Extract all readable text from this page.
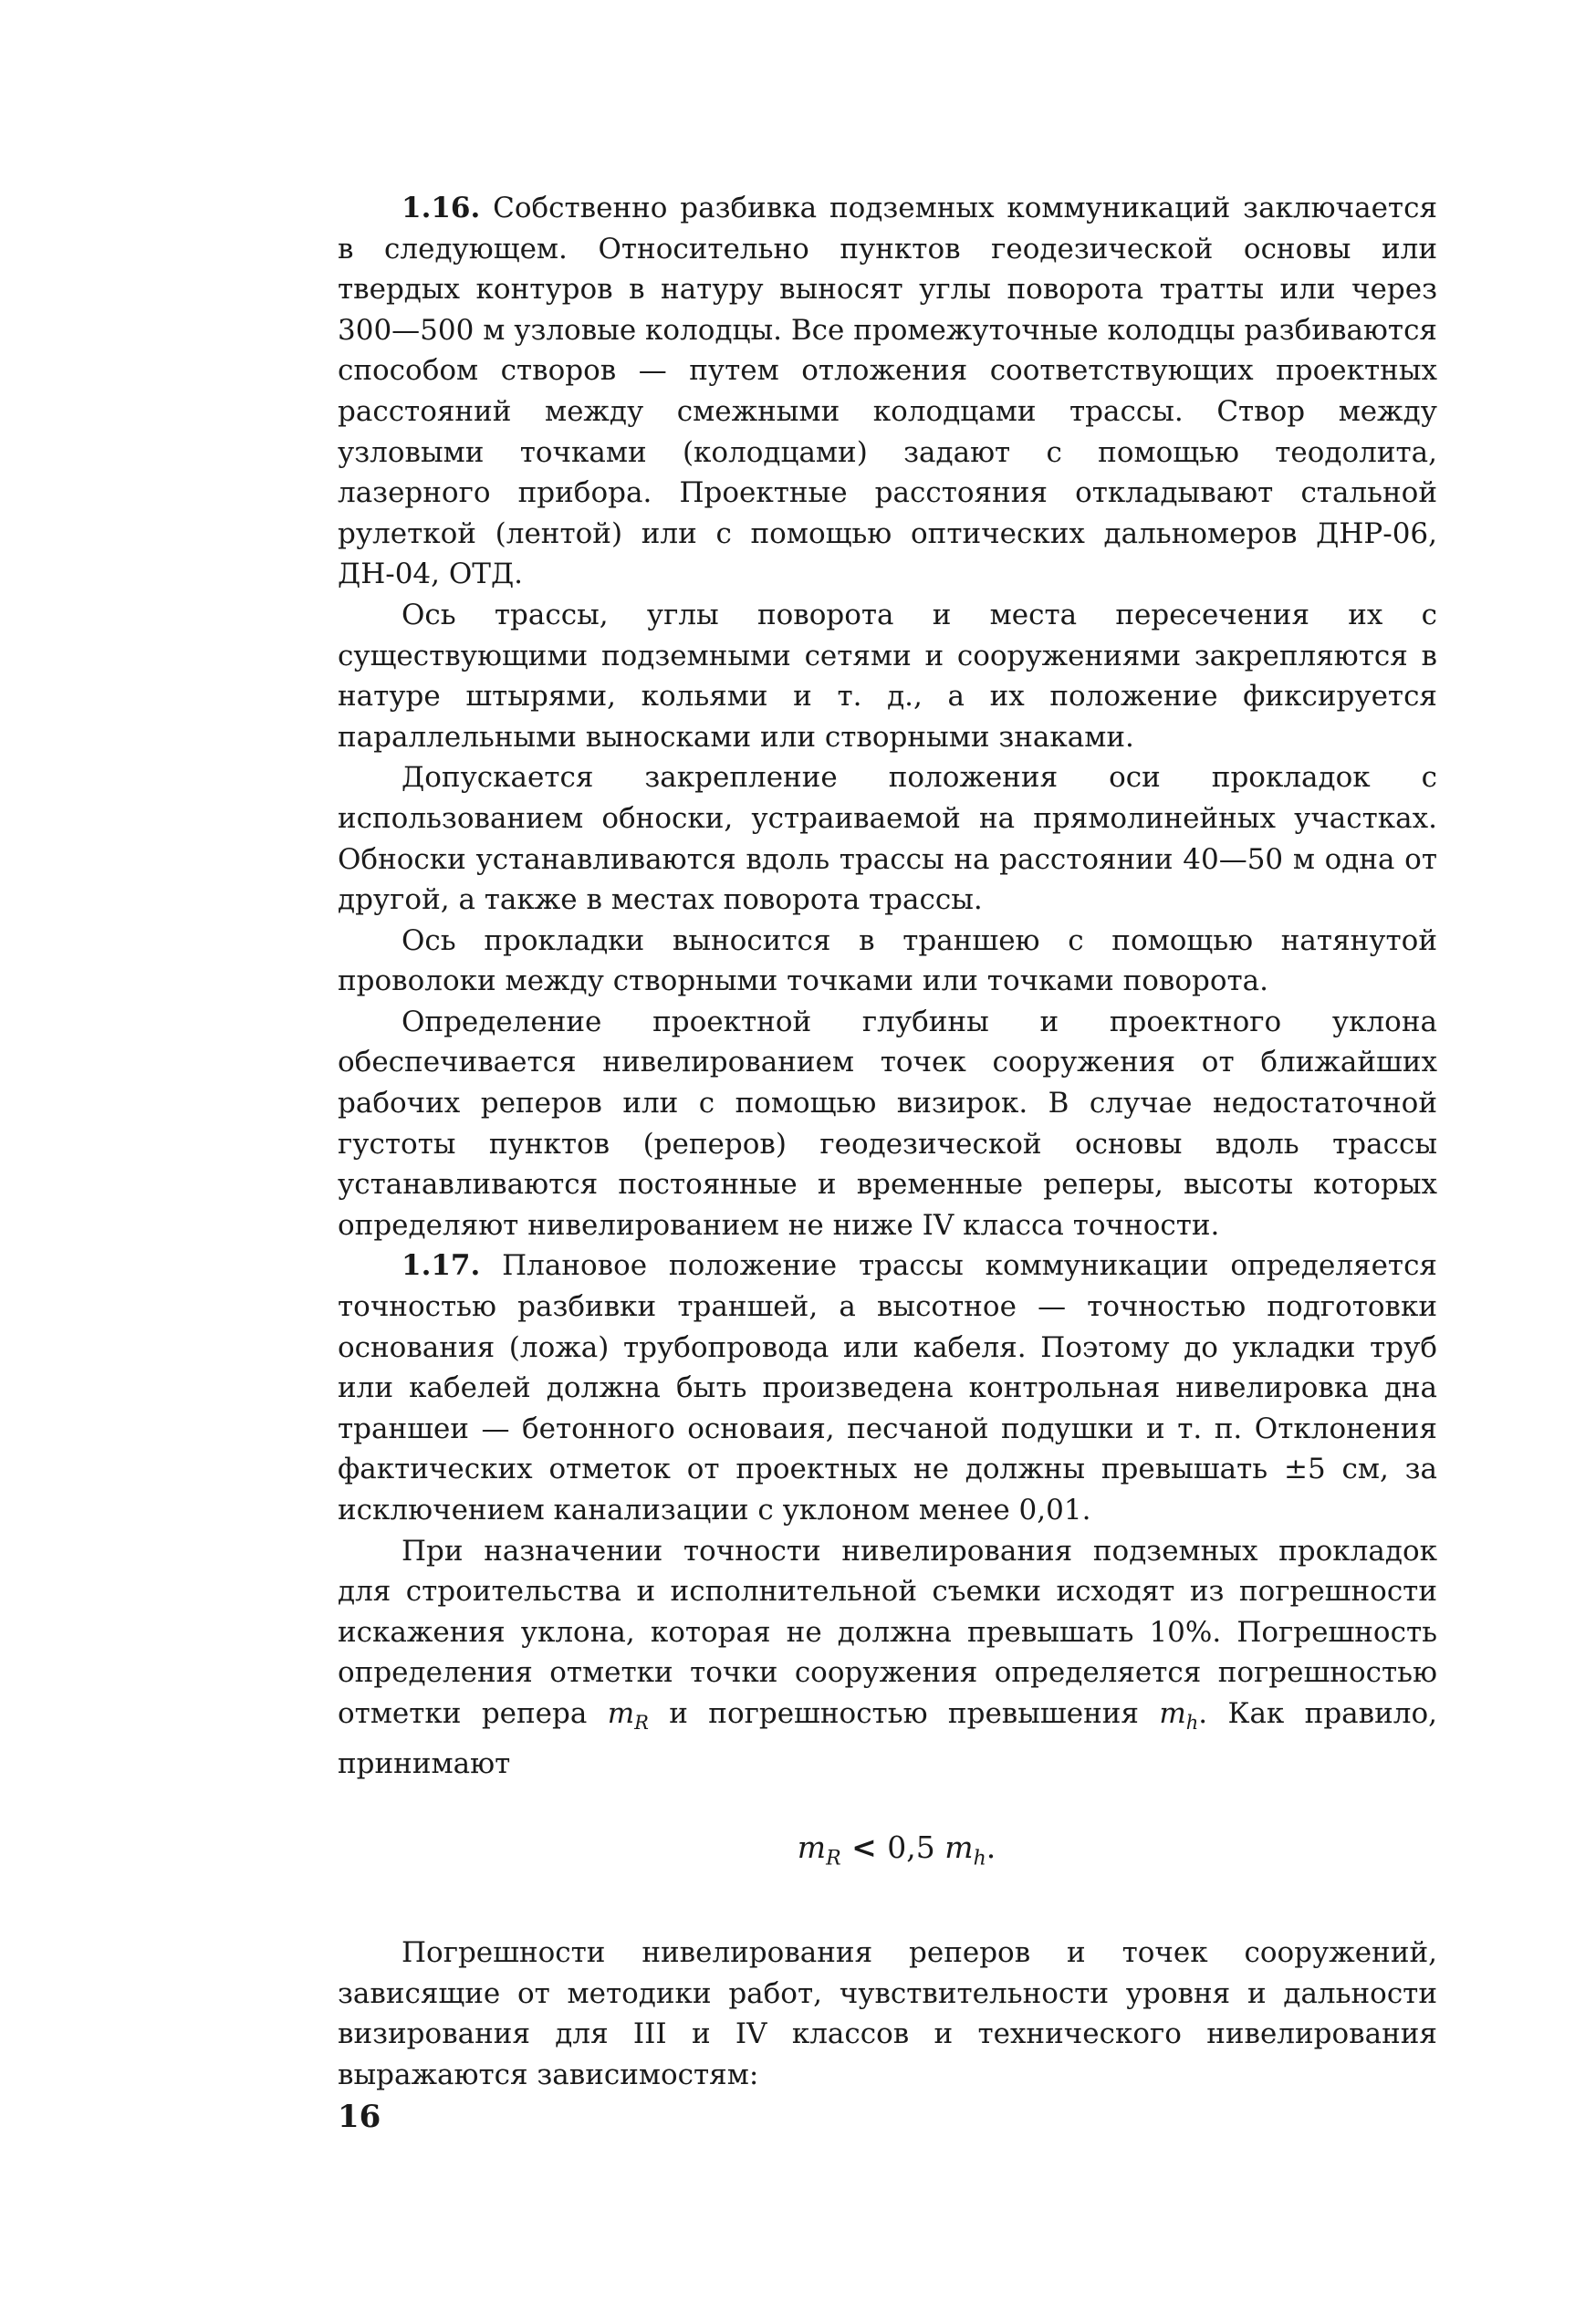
1.16. Собственно разбивка подземных коммуникаций заключается в следующем. Относительно пунктов геодезической основы или твердых контуров в натуру выносят углы поворота тратты или через 300—500 м узловые колодцы. Все промежуточные колодцы разбиваются способом створов — путем отложения соответствующих проектных расстояний между смежными колодцами трассы. Створ между узловыми точками (колодцами) задают с помощью теодолита, лазерного прибора. Проектные расстояния откладывают стальной рулеткой (лентой) или с помощью оптических дальномеров ДНР-06, ДН-04, ОТД.

Ось трассы, углы поворота и места пересечения их с существующими подземными сетями и сооружениями закрепляются в натуре штырями, кольями и т. д., а их положение фиксируется параллельными выносками или створными знаками.

Допускается закрепление положения оси прокладок с использованием обноски, устраиваемой на прямолинейных участках. Обноски устанавливаются вдоль трассы на расстоянии 40—50 м одна от другой, а также в местах поворота трассы.

Ось прокладки выносится в траншею с помощью натянутой проволоки между створными точками или точками поворота.

Определение проектной глубины и проектного уклона обеспечивается нивелированием точек сооружения от ближайших рабочих реперов или с помощью визирок. В случае недостаточной густоты пунктов (реперов) геодезической основы вдоль трассы устанавливаются постоянные и временные реперы, высоты которых определяют нивелированием не ниже IV класса точности.

1.17. Плановое положение трассы коммуникации определяется точностью разбивки траншей, а высотное — точностью подготовки основания (ложа) трубопровода или кабеля. Поэтому до укладки труб или кабелей должна быть произведена контрольная нивелировка дна траншеи — бетонного основаия, песчаной подушки и т. п. Отклонения фактических отметок от проектных не должны превышать ±5 см, за исключением канализации с уклоном менее 0,01.

При назначении точности нивелирования подземных прокладок для строительства и исполнительной съемки исходят из погрешности искажения уклона, которая не должна превышать 10%. Погрешность определения отметки точки сооружения определяется погрешностью отметки репера $m_R$ и погрешностью превышения $m_h$. Как правило, принимают

$m_R < 0,5$ $m_h$.

Погрешности нивелирования реперов и точек сооружений, зависящие от методики работ, чувствительности уровня и дальности визирования для III и IV классов и технического нивелирования выражаются зависимостям:

16
